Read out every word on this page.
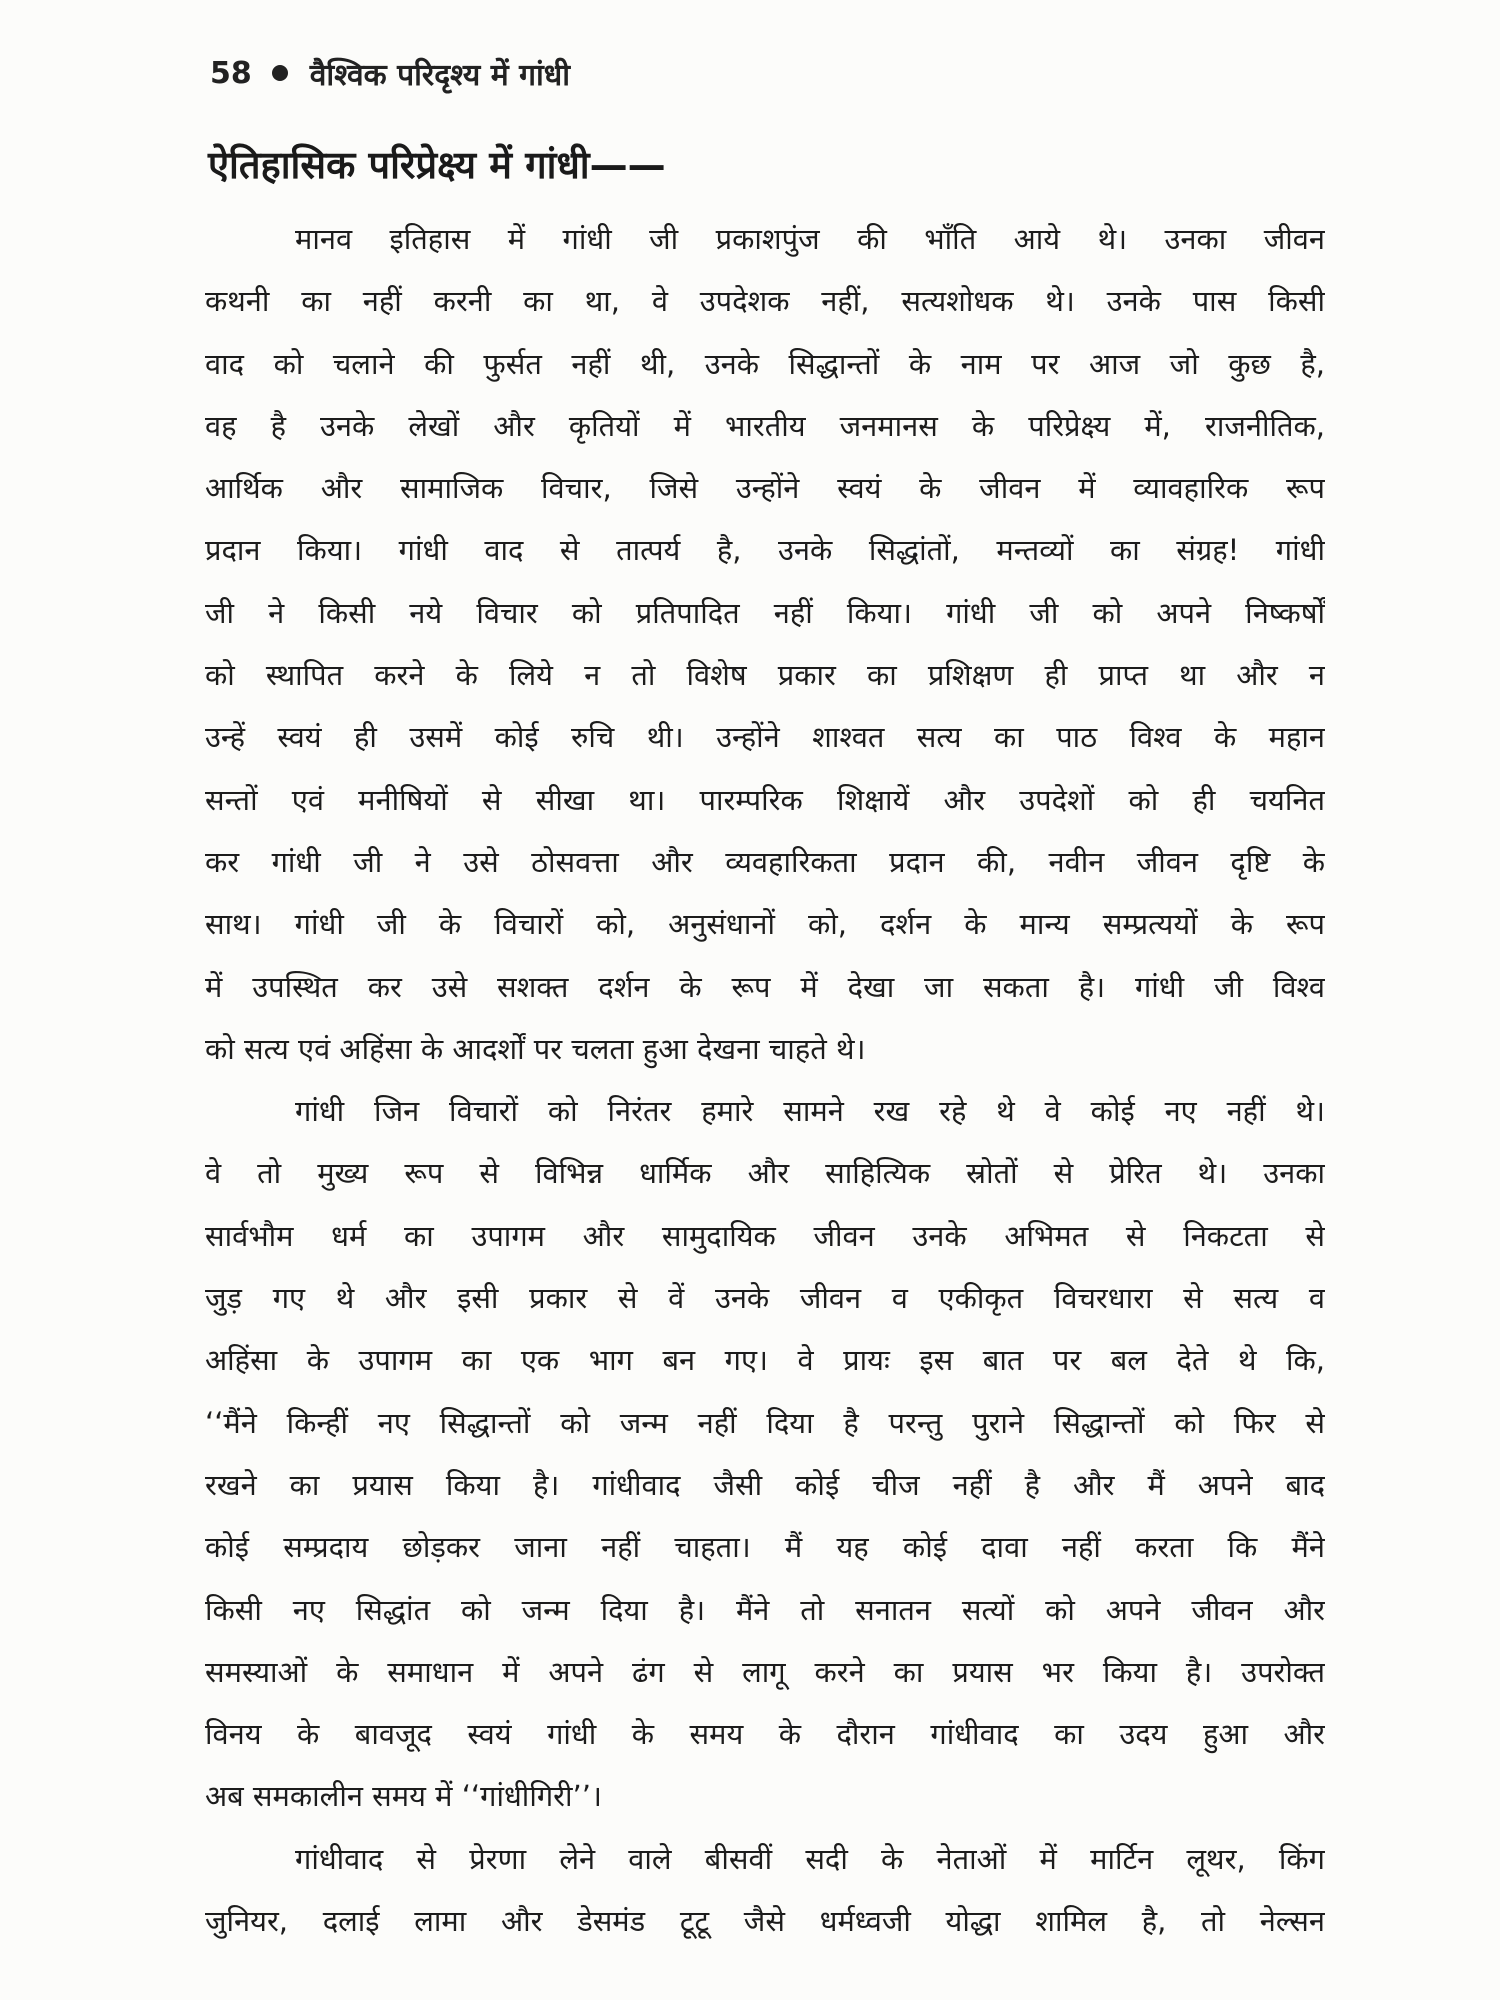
58 वैश्विक परिदृश्य में गांधी
ऐतिहासिक परिप्रेक्ष्य में गांधी——
मानव इतिहास में गांधी जी प्रकाशपुंज की भाँति आये थे। उनका जीवन
कथनी का नहीं करनी का था, वे उपदेशक नहीं, सत्यशोधक थे। उनके पास किसी
वाद को चलाने की फुर्सत नहीं थी, उनके सिद्धान्तों के नाम पर आज जो कुछ है,
वह है उनके लेखों और कृतियों में भारतीय जनमानस के परिप्रेक्ष्य में, राजनीतिक,
आर्थिक और सामाजिक विचार, जिसे उन्होंने स्वयं के जीवन में व्यावहारिक रूप
प्रदान किया। गांधी वाद से तात्पर्य है, उनके सिद्धांतों, मन्तव्यों का संग्रह! गांधी
जी ने किसी नये विचार को प्रतिपादित नहीं किया। गांधी जी को अपने निष्कर्षों
को स्थापित करने के लिये न तो विशेष प्रकार का प्रशिक्षण ही प्राप्त था और न
उन्हें स्वयं ही उसमें कोई रुचि थी। उन्होंने शाश्वत सत्य का पाठ विश्व के महान
सन्तों एवं मनीषियों से सीखा था। पारम्परिक शिक्षायें और उपदेशों को ही चयनित
कर गांधी जी ने उसे ठोसवत्ता और व्यवहारिकता प्रदान की, नवीन जीवन दृष्टि के
साथ। गांधी जी के विचारों को, अनुसंधानों को, दर्शन के मान्य सम्प्रत्ययों के रूप
में उपस्थित कर उसे सशक्त दर्शन के रूप में देखा जा सकता है। गांधी जी विश्व
को सत्य एवं अहिंसा के आदर्शों पर चलता हुआ देखना चाहते थे।
गांधी जिन विचारों को निरंतर हमारे सामने रख रहे थे वे कोई नए नहीं थे।
वे तो मुख्य रूप से विभिन्न धार्मिक और साहित्यिक स्रोतों से प्रेरित थे। उनका
सार्वभौम धर्म का उपागम और सामुदायिक जीवन उनके अभिमत से निकटता से
जुड़ गए थे और इसी प्रकार से वें उनके जीवन व एकीकृत विचरधारा से सत्य व
अहिंसा के उपागम का एक भाग बन गए। वे प्रायः इस बात पर बल देते थे कि,
‘‘मैंने किन्हीं नए सिद्धान्तों को जन्म नहीं दिया है परन्तु पुराने सिद्धान्तों को फिर से
रखने का प्रयास किया है। गांधीवाद जैसी कोई चीज नहीं है और मैं अपने बाद
कोई सम्प्रदाय छोड़कर जाना नहीं चाहता। मैं यह कोई दावा नहीं करता कि मैंने
किसी नए सिद्धांत को जन्म दिया है। मैंने तो सनातन सत्यों को अपने जीवन और
समस्याओं के समाधान में अपने ढंग से लागू करने का प्रयास भर किया है। उपरोक्त
विनय के बावजूद स्वयं गांधी के समय के दौरान गांधीवाद का उदय हुआ और
अब समकालीन समय में ‘‘गांधीगिरी’’।
गांधीवाद से प्रेरणा लेने वाले बीसवीं सदी के नेताओं में मार्टिन लूथर, किंग
जुनियर, दलाई लामा और डेसमंड टूटू जैसे धर्मध्वजी योद्धा शामिल है, तो नेल्सन
